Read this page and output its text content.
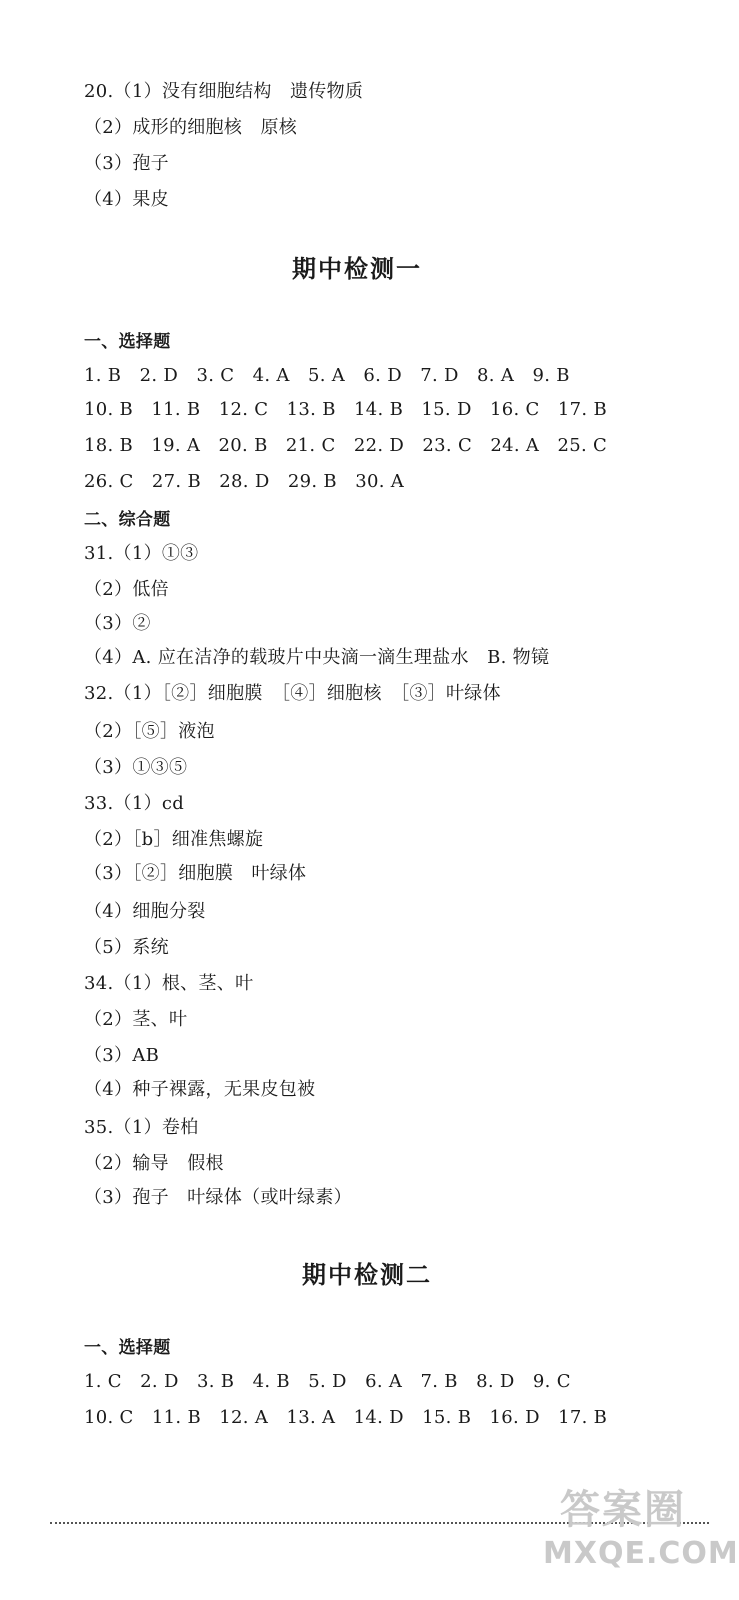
20.（1）没有细胞结构　遗传物质
（2）成形的细胞核　原核
（3）孢子
（4）果皮
期中检测一
一、选择题
1. B　2. D　3. C　4. A　5. A　6. D　7. D　8. A　9. B
10. B　11. B　12. C　13. B　14. B　15. D　16. C　17. B
18. B　19. A　20. B　21. C　22. D　23. C　24. A　25. C
26. C　27. B　28. D　29. B　30. A
二、综合题
31.（1）①③
（2）低倍
（3）②
（4）A. 应在洁净的载玻片中央滴一滴生理盐水　B. 物镜
32.（1）［②］细胞膜　［④］细胞核　［③］叶绿体
（2）［⑤］液泡
（3）①③⑤
33.（1）cd
（2）［b］细准焦螺旋
（3）［②］细胞膜　叶绿体
（4）细胞分裂
（5）系统
34.（1）根、茎、叶
（2）茎、叶
（3）AB
（4）种子裸露，无果皮包被
35.（1）卷柏
（2）输导　假根
（3）孢子　叶绿体（或叶绿素）
期中检测二
一、选择题
1. C　2. D　3. B　4. B　5. D　6. A　7. B　8. D　9. C
10. C　11. B　12. A　13. A　14. D　15. B　16. D　17. B
答案圈
MXQE.COM
